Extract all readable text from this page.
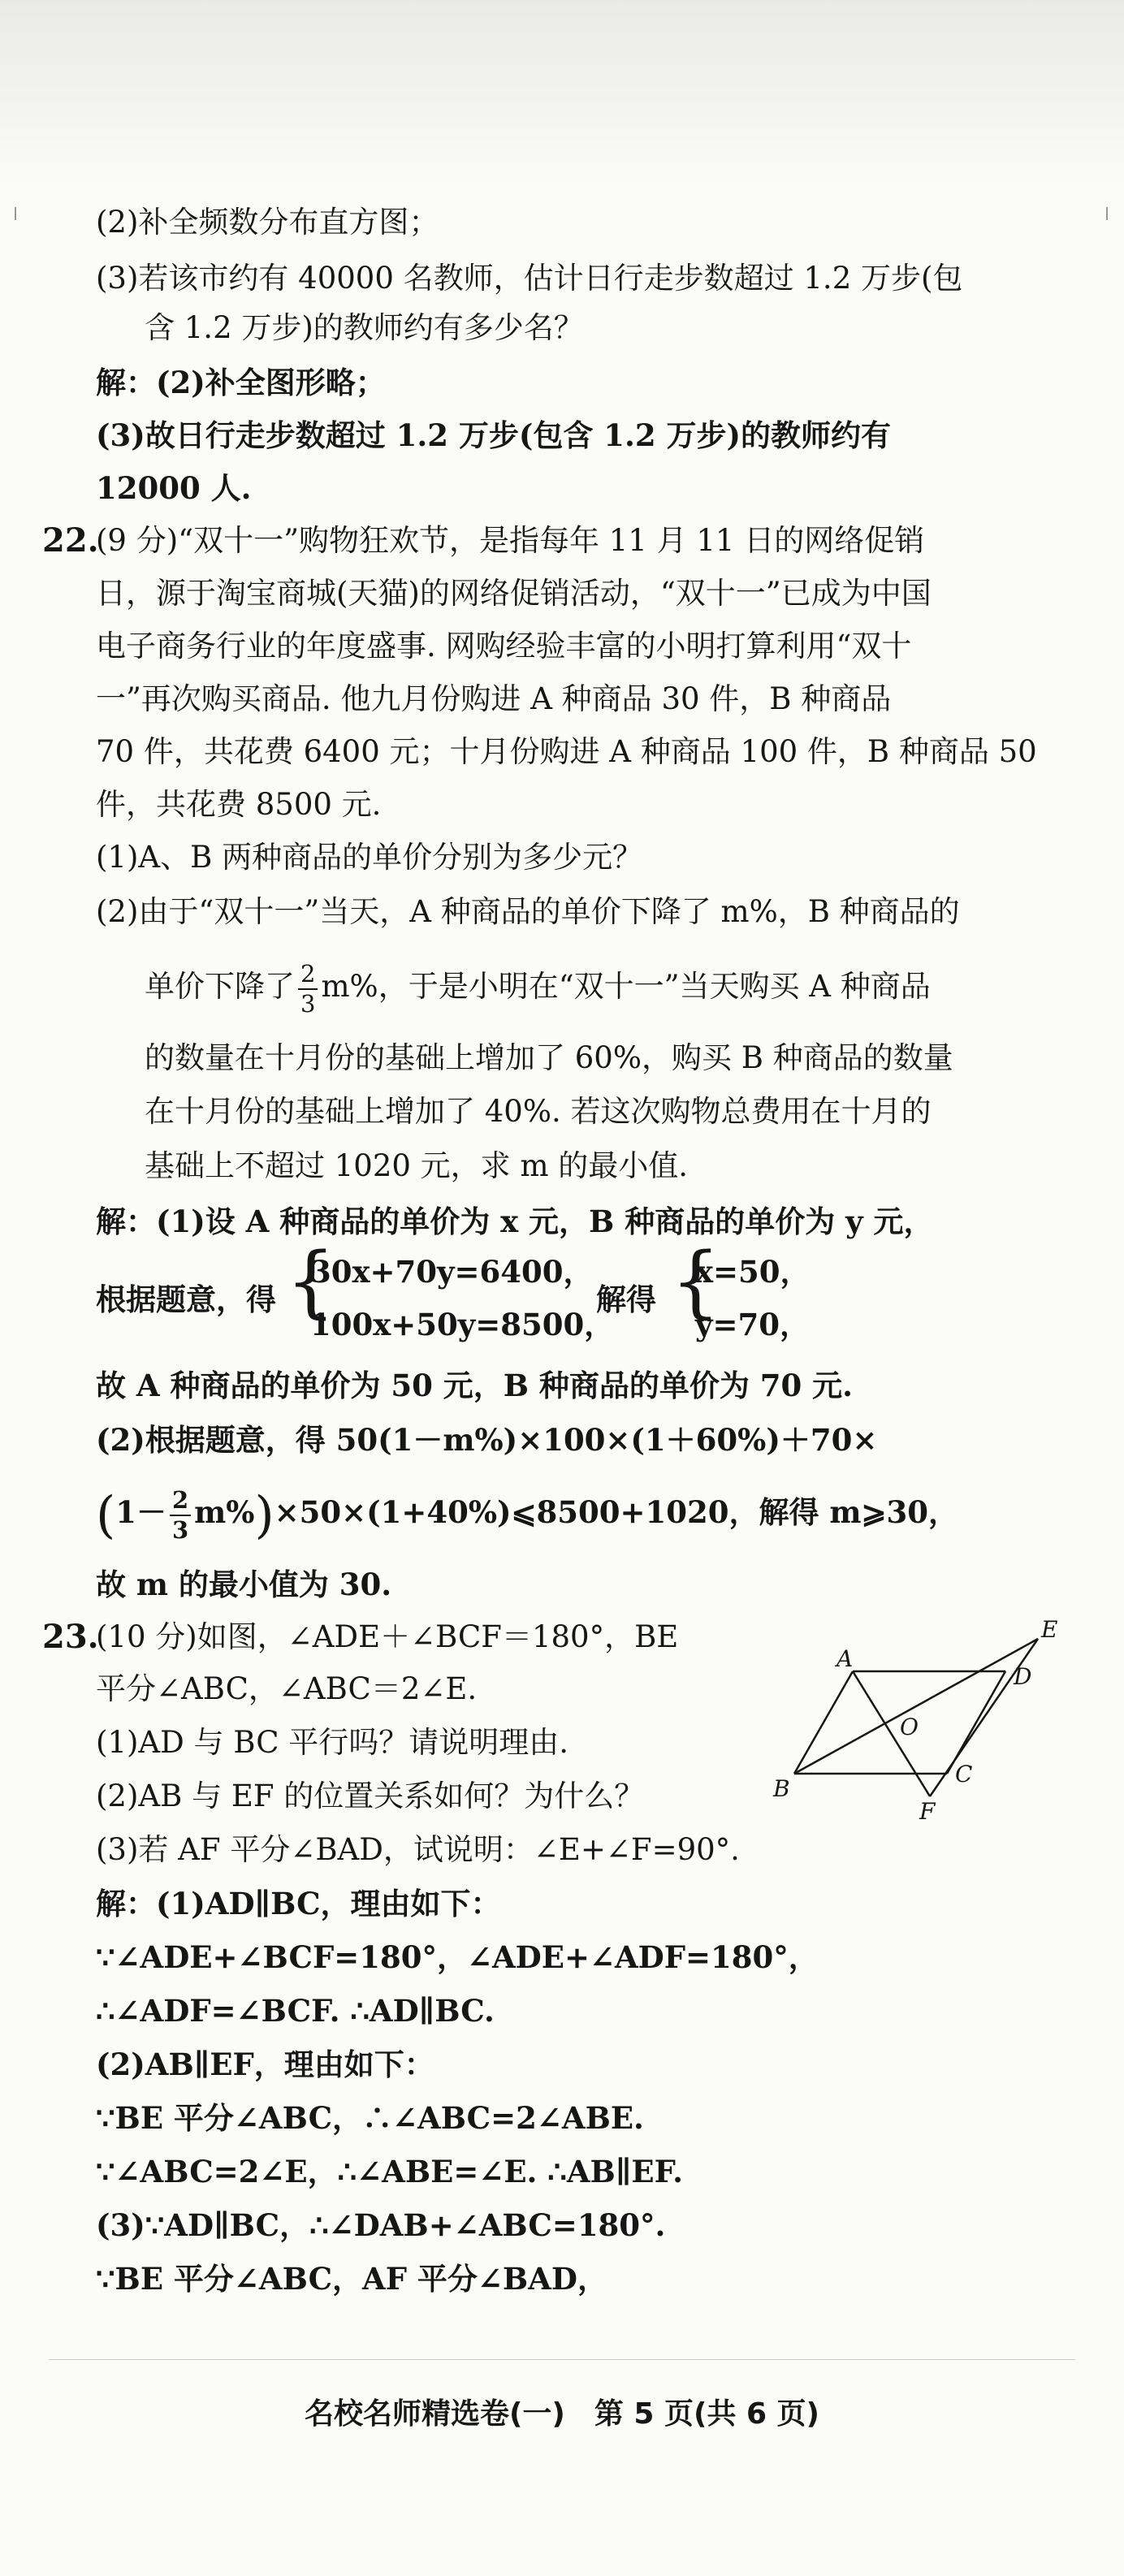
(2)补全频数分布直方图；
(3)若该市约有 40000 名教师，估计日行走步数超过 1.2 万步(包
含 1.2 万步)的教师约有多少名？
解：(2)补全图形略；
(3)故日行走步数超过 1.2 万步(包含 1.2 万步)的教师约有
12000 人.
22.
(9 分)“双十一”购物狂欢节，是指每年 11 月 11 日的网络促销
日，源于淘宝商城(天猫)的网络促销活动，“双十一”已成为中国
电子商务行业的年度盛事. 网购经验丰富的小明打算利用“双十
一”再次购买商品. 他九月份购进 A 种商品 30 件，B 种商品
70 件，共花费 6400 元；十月份购进 A 种商品 100 件，B 种商品 50
件，共花费 8500 元.
(1)A、B 两种商品的单价分别为多少元？
(2)由于“双十一”当天，A 种商品的单价下降了 m%，B 种商品的
单价下降了 $\frac{2}{3} m\%$，于是小明在“双十一”当天购买 A 种商品
的数量在十月份的基础上增加了 60%，购买 B 种商品的数量
在十月份的基础上增加了 40%. 若这次购物总费用在十月的
基础上不超过 1020 元，求 m 的最小值.
解：(1)设 A 种商品的单价为 x 元，B 种商品的单价为 y 元，
根据题意，得 {
30x+70y=6400，
100x+50y=8500，
解得 {
x=50，
y=70，
故 A 种商品的单价为 50 元，B 种商品的单价为 70 元.
(2)根据题意，得 50(1－m%)×100×(1＋60%)＋70×
($1- \frac{2}{3}$ m%)×50×(1+40%)⩽8500+1020，解得 m⩾30，
故 m 的最小值为 30.
23.
(10 分)如图，∠ADE＋∠BCF＝180°，BE
平分∠ABC，∠ABC＝2∠E.
(1)AD 与 BC 平行吗？请说明理由.
(2)AB 与 EF 的位置关系如何？为什么？
(3)若 AF 平分∠BAD，试说明：∠E+∠F=90°.
A
B
C
D
E
F
O
解：(1)AD∥BC，理由如下：
∵∠ADE+∠BCF=180°，∠ADE+∠ADF=180°，
∴∠ADF=∠BCF. ∴AD∥BC.
(2)AB∥EF，理由如下：
∵BE 平分∠ABC，∴∠ABC=2∠ABE.
∵∠ABC=2∠E，∴∠ABE=∠E. ∴AB∥EF.
(3)∵AD∥BC，∴∠DAB+∠ABC=180°.
∵BE 平分∠ABC，AF 平分∠BAD，
名校名师精选卷(一)　第 5 页(共 6 页)
